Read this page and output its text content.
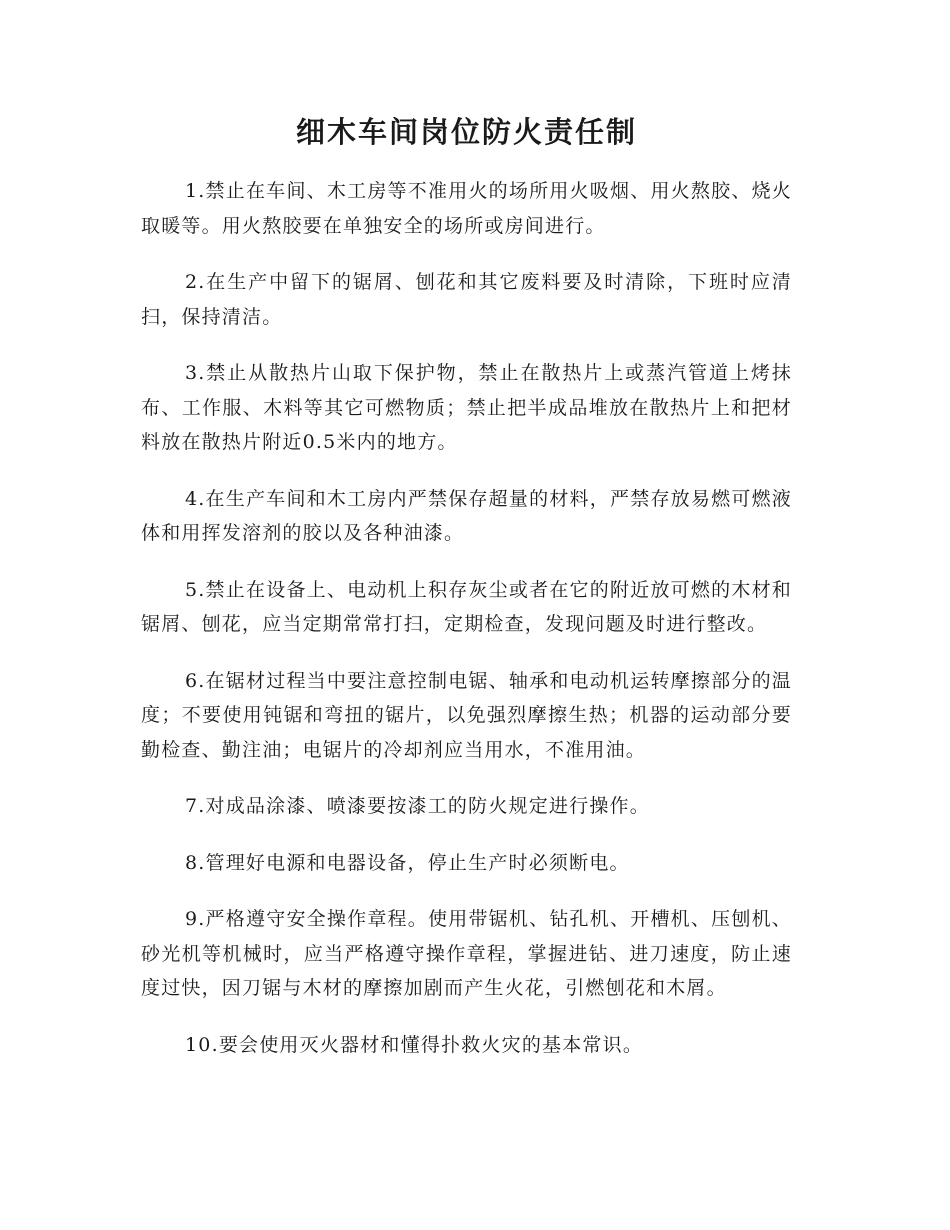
细木车间岗位防火责任制

1.禁止在车间、木工房等不准用火的场所用火吸烟、用火熬胶、烧火取暖等。用火熬胶要在单独安全的场所或房间进行。

2.在生产中留下的锯屑、刨花和其它废料要及时清除，下班时应清扫，保持清洁。

3.禁止从散热片山取下保护物，禁止在散热片上或蒸汽管道上烤抹布、工作服、木料等其它可燃物质；禁止把半成品堆放在散热片上和把材料放在散热片附近0.5米内的地方。

4.在生产车间和木工房内严禁保存超量的材料，严禁存放易燃可燃液体和用挥发溶剂的胶以及各种油漆。

5.禁止在设备上、电动机上积存灰尘或者在它的附近放可燃的木材和锯屑、刨花，应当定期常常打扫，定期检查，发现问题及时进行整改。

6.在锯材过程当中要注意控制电锯、轴承和电动机运转摩擦部分的温度；不要使用钝锯和弯扭的锯片，以免强烈摩擦生热；机器的运动部分要勤检查、勤注油；电锯片的冷却剂应当用水，不准用油。

7.对成品涂漆、喷漆要按漆工的防火规定进行操作。

8.管理好电源和电器设备，停止生产时必须断电。

9.严格遵守安全操作章程。使用带锯机、钻孔机、开槽机、压刨机、砂光机等机械时，应当严格遵守操作章程，掌握进钻、进刀速度，防止速度过快，因刀锯与木材的摩擦加剧而产生火花，引燃刨花和木屑。

10.要会使用灭火器材和懂得扑救火灾的基本常识。
